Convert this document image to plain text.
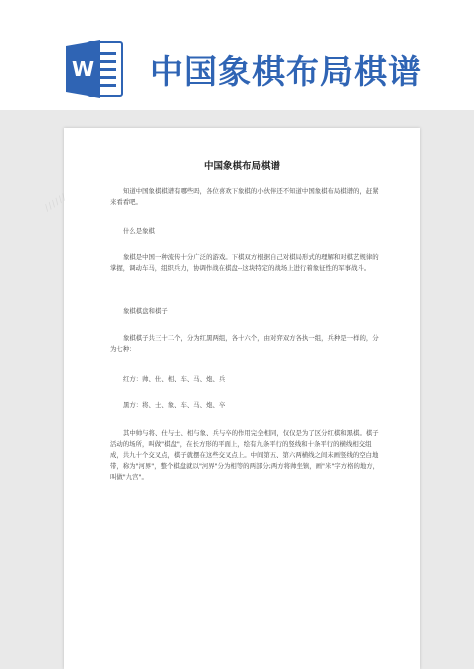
W 中国象棋布局棋谱
//////
中国象棋布局棋谱
知道中国象棋棋谱有哪些吗，各位喜欢下象棋的小伙伴还不知道中国象棋布局棋谱的，赶紧来看看吧。
什么是象棋
象棋是中国一种流传十分广泛的游戏。下棋双方根据自己对棋局形式的理解和对棋艺规律的掌握，调动车马，组织兵力，协调作战在棋盘--这块特定的战场上进行着象征性的军事战斗。
象棋棋盘和棋子
象棋棋子共三十二个，分为红黑两组，各十六个，由对弈双方各执一组，兵种是一样的，分为七种：
红方：帅、仕、相、车、马、炮、兵
黑方：将、士、象、车、马、炮、卒
其中帅与将、仕与士、相与象、兵与卒的作用完全相同，仅仅是为了区分红棋和黑棋。棋子活动的场所，叫做"棋盘"，在长方形的平面上，绘有九条平行的竖线和十条平行的横线相交组成，共九十个交叉点，棋子就摆在这些交叉点上。中间第五、第六两横线之间未画竖线的空白地带，称为"河界"，整个棋盘就以"河界"分为相等的两部分;两方将帅坐镇，画"米"字方格的地方，叫做"九宫"。
